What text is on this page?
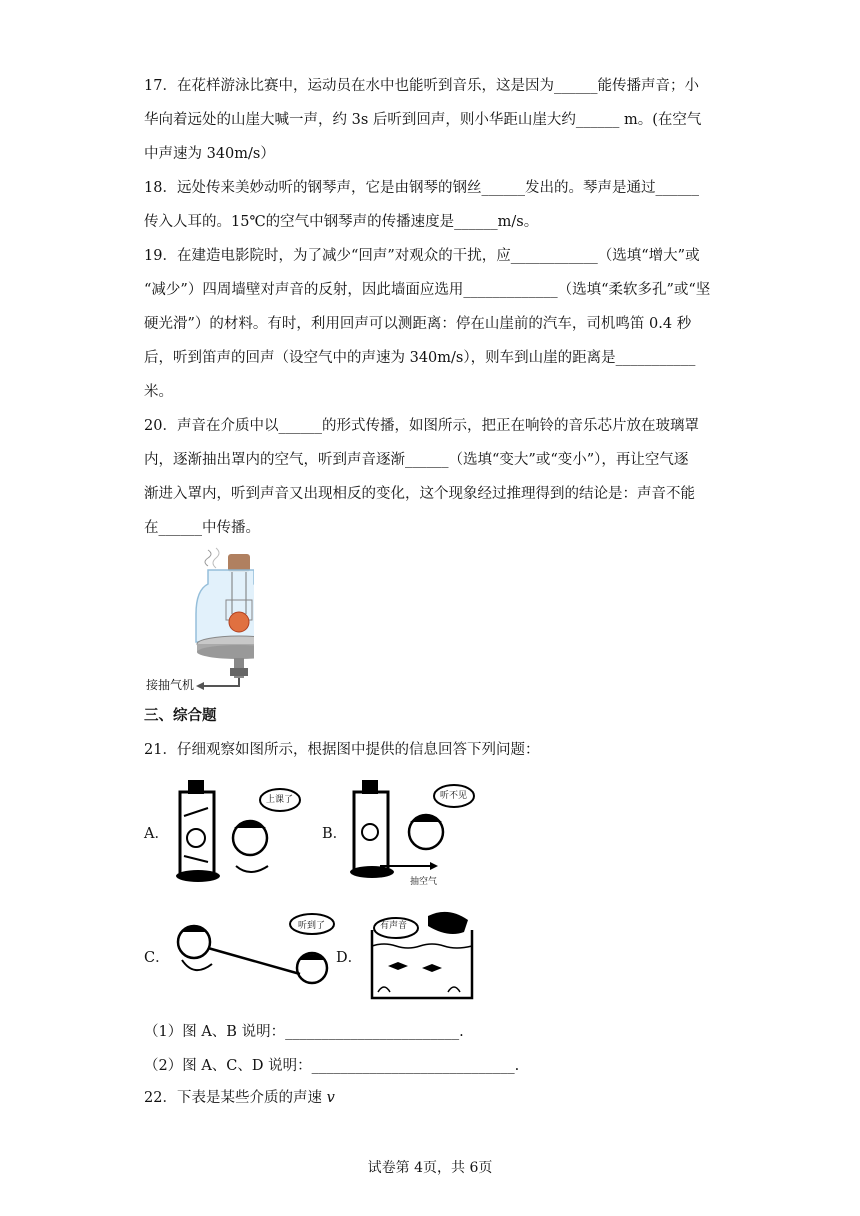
17．在花样游泳比赛中，运动员在水中也能听到音乐，这是因为______能传播声音；小
华向着远处的山崖大喊一声，约 3s 后听到回声，则小华距山崖大约______ m。(在空气
中声速为 340m/s）
18．远处传来美妙动听的钢琴声，它是由钢琴的钢丝______发出的。琴声是通过______
传入人耳的。15℃的空气中钢琴声的传播速度是______m/s。
19．在建造电影院时，为了减少“回声”对观众的干扰，应____________（选填“增大”或
“减少”）四周墙壁对声音的反射，因此墙面应选用_____________（选填“柔软多孔”或“坚
硬光滑”）的材料。有时，利用回声可以测距离：停在山崖前的汽车，司机鸣笛 0.4 秒
后，听到笛声的回声（设空气中的声速为 340m/s），则车到山崖的距离是___________
米。
20．声音在介质中以______的形式传播，如图所示，把正在响铃的音乐芯片放在玻璃罩
内，逐渐抽出罩内的空气，听到声音逐渐______（选填“变大”或“变小”），再让空气逐
渐进入罩内，听到声音又出现相反的变化，这个现象经过推理得到的结论是：声音不能
在______中传播。
接抽气机
三、综合题
21．仔细观察如图所示，根据图中提供的信息回答下列问题：
A．
上课了
B．
听不见
抽空气
C．
听到了
D．
有声音
（1）图 A、B 说明：________________________.
（2）图 A、C、D 说明：____________________________.
22．下表是某些介质的声速 v
试卷第 4页，共 6页
